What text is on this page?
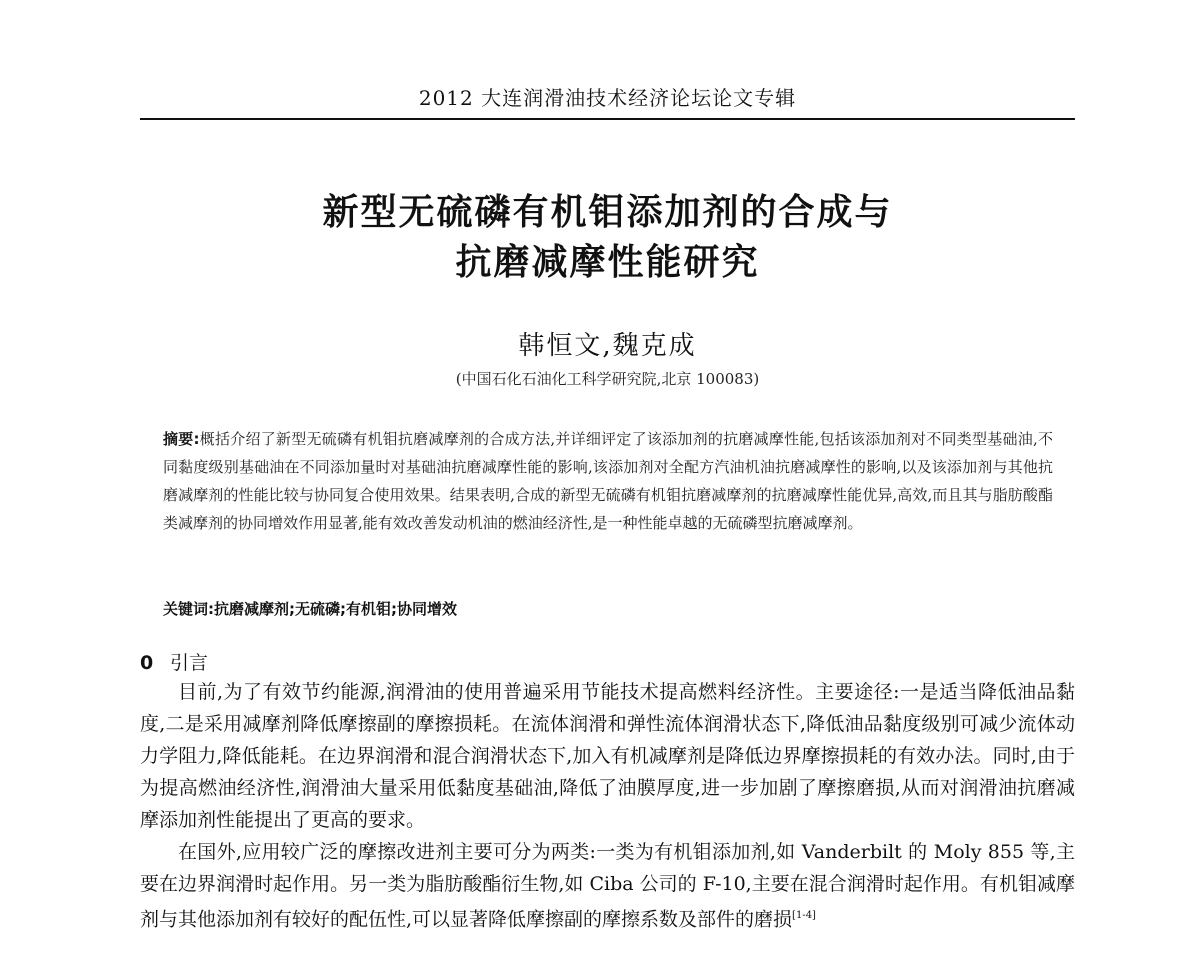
2012 大连润滑油技术经济论坛论文专辑
新型无硫磷有机钼添加剂的合成与
抗磨减摩性能研究
韩恒文,魏克成
(中国石化石油化工科学研究院,北京 100083)
摘要:概括介绍了新型无硫磷有机钼抗磨减摩剂的合成方法,并详细评定了该添加剂的抗磨减摩性能,包括该添加剂对不同类型基础油,不同黏度级别基础油在不同添加量时对基础油抗磨减摩性能的影响,该添加剂对全配方汽油机油抗磨减摩性的影响,以及该添加剂与其他抗磨减摩剂的性能比较与协同复合使用效果。结果表明,合成的新型无硫磷有机钼抗磨减摩剂的抗磨减摩性能优异,高效,而且其与脂肪酸酯类减摩剂的协同增效作用显著,能有效改善发动机油的燃油经济性,是一种性能卓越的无硫磷型抗磨减摩剂。
关键词:抗磨减摩剂;无硫磷;有机钼;协同增效
0 引言

目前,为了有效节约能源,润滑油的使用普遍采用节能技术提高燃料经济性。主要途径:一是适当降低油品黏度,二是采用减摩剂降低摩擦副的摩擦损耗。在流体润滑和弹性流体润滑状态下,降低油品黏度级别可减少流体动力学阻力,降低能耗。在边界润滑和混合润滑状态下,加入有机减摩剂是降低边界摩擦损耗的有效办法。同时,由于为提高燃油经济性,润滑油大量采用低黏度基础油,降低了油膜厚度,进一步加剧了摩擦磨损,从而对润滑油抗磨减摩添加剂性能提出了更高的要求。

在国外,应用较广泛的摩擦改进剂主要可分为两类:一类为有机钼添加剂,如 Vanderbilt 的 Moly 855 等,主要在边界润滑时起作用。另一类为脂肪酸酯衍生物,如 Ciba 公司的 F-10,主要在混合润滑时起作用。有机钼减摩剂与其他添加剂有较好的配伍性,可以显著降低摩擦副的摩擦系数及部件的磨损[1-4]
